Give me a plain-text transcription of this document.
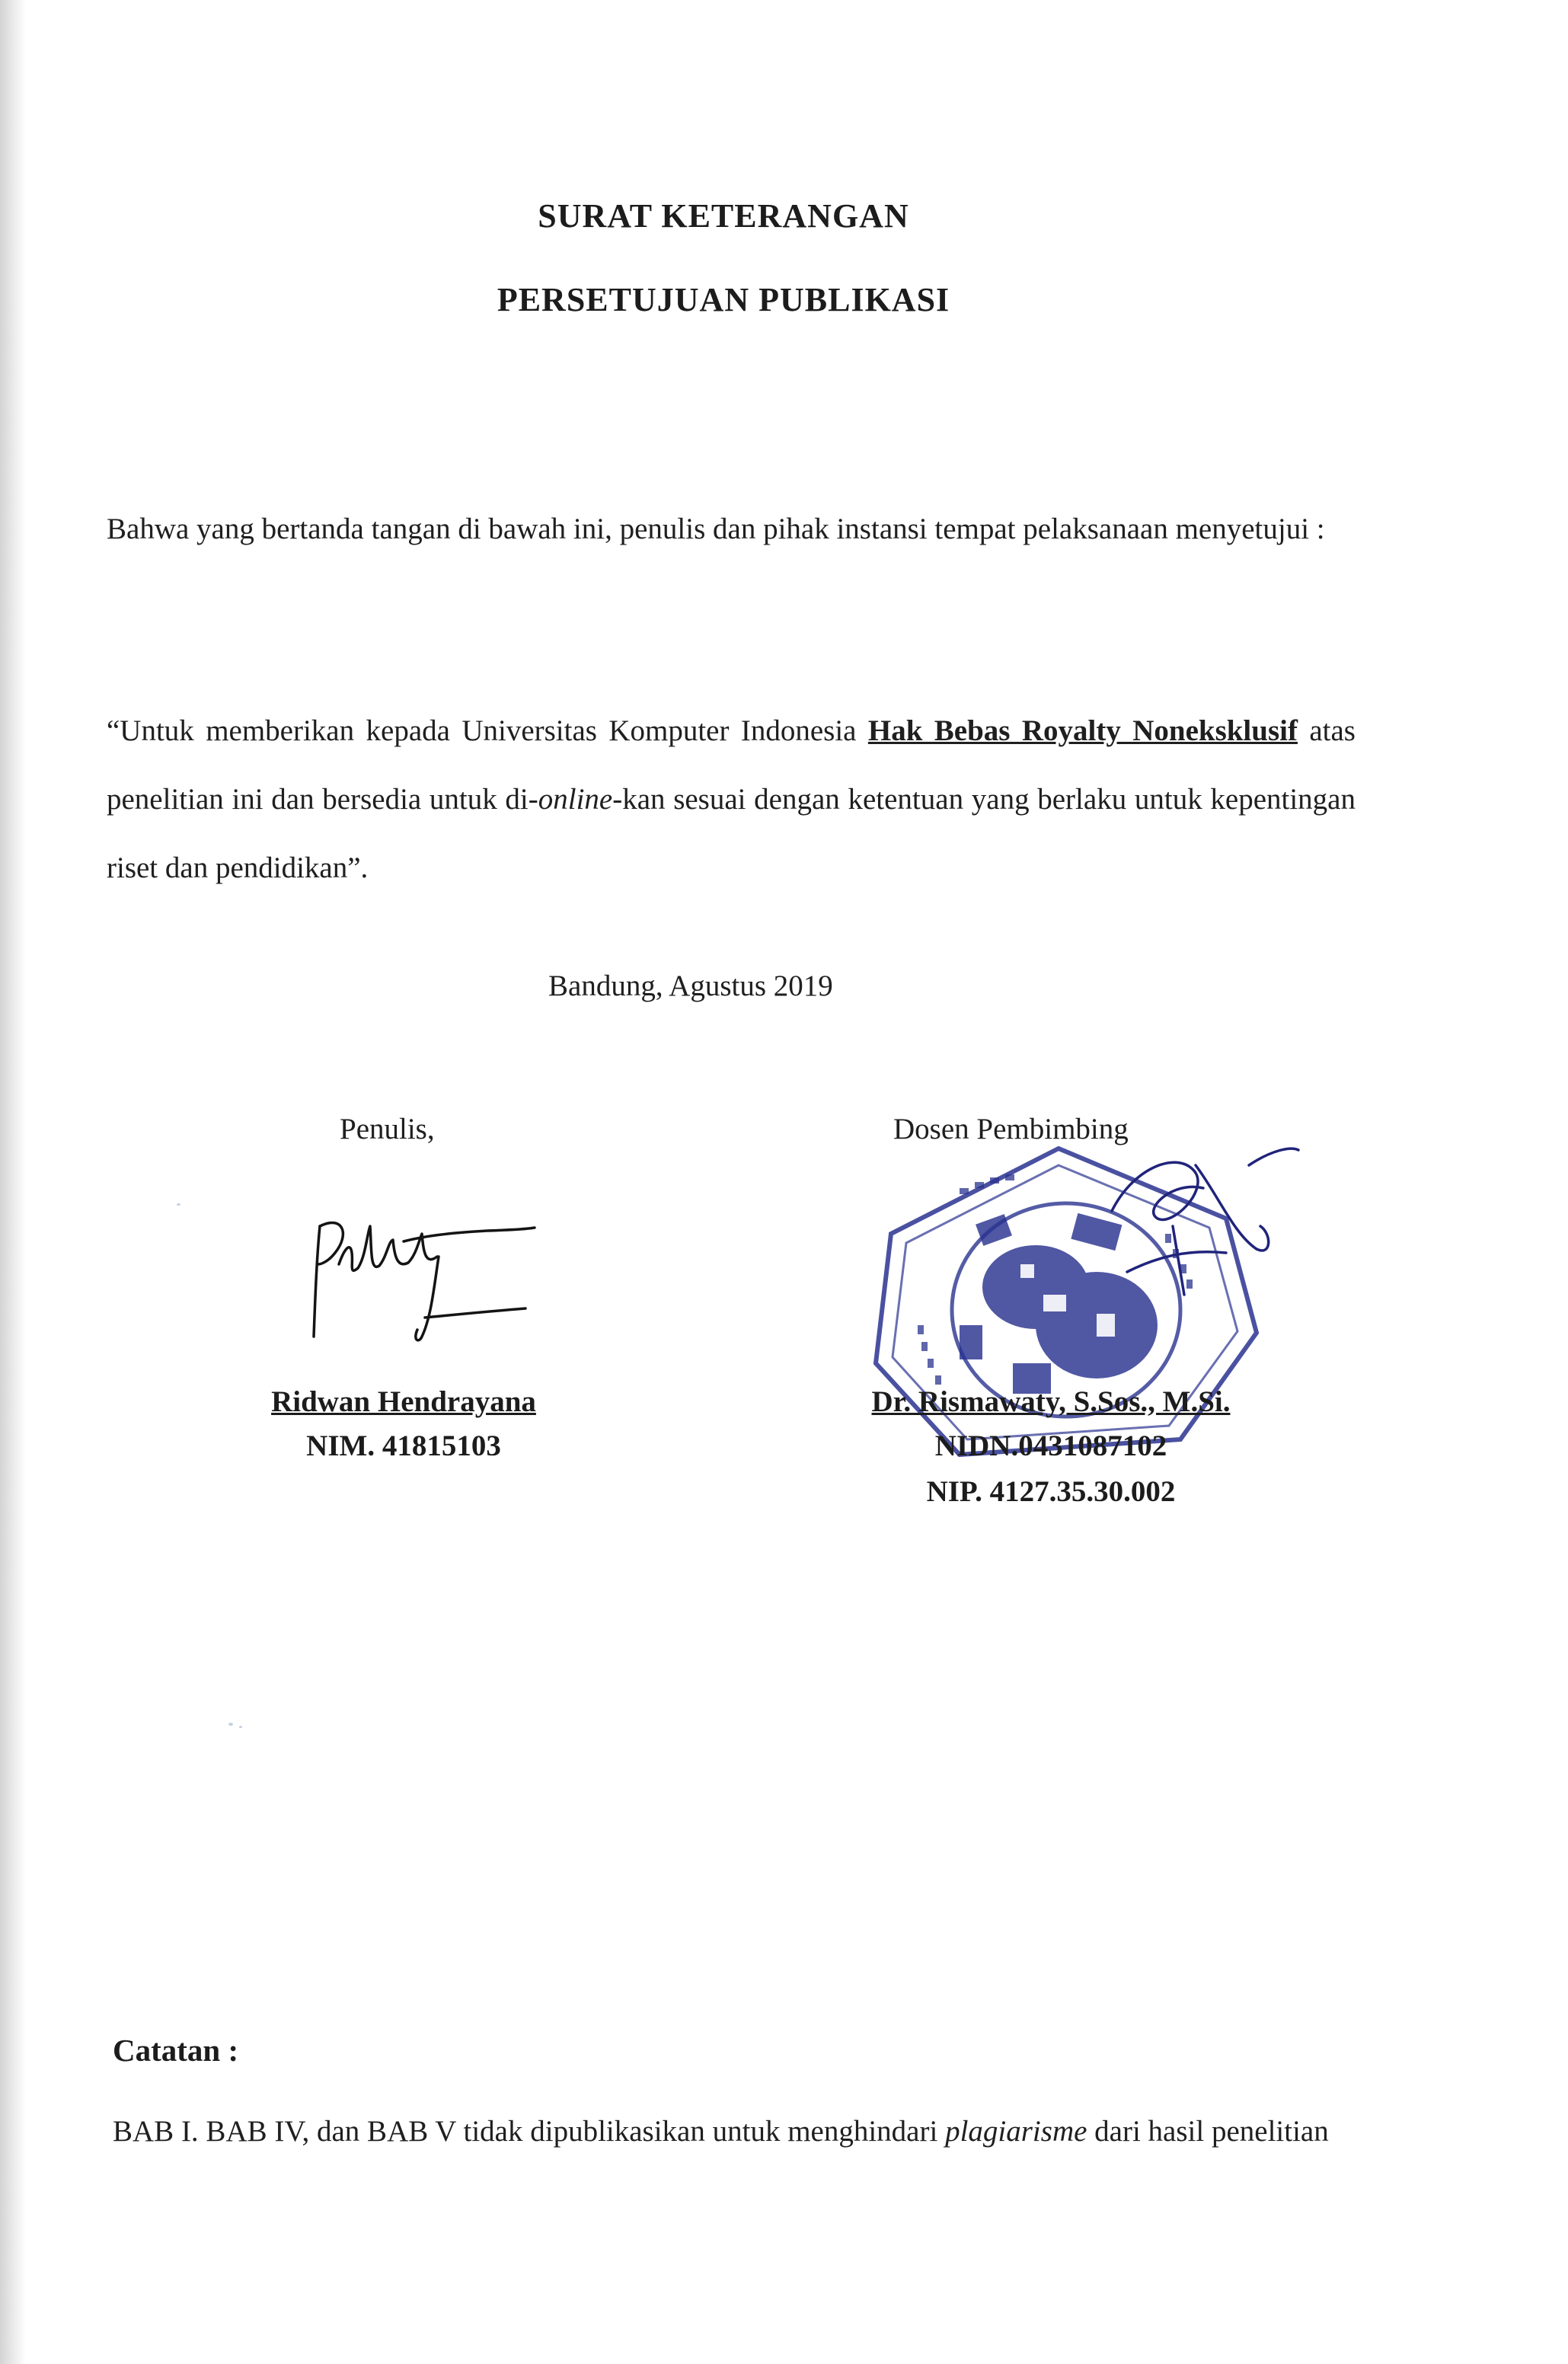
SURAT KETERANGAN
PERSETUJUAN PUBLIKASI
Bahwa yang bertanda tangan di bawah ini, penulis dan pihak instansi tempat pelaksanaan menyetujui :
“Untuk memberikan kepada Universitas Komputer Indonesia Hak Bebas Royalty Noneksklusif atas penelitian ini dan bersedia untuk di-online-kan sesuai dengan ketentuan yang berlaku untuk kepentingan riset dan pendidikan”.
Bandung, Agustus 2019
Penulis,	Dosen Pembimbing
Ridwan Hendrayana
NIM. 41815103
Dr. Rismawaty, S.Sos., M.Si.
NIDN.0431087102
NIP. 4127.35.30.002
Catatan :
BAB I. BAB IV, dan BAB V tidak dipublikasikan untuk menghindari plagiarisme dari hasil penelitian
